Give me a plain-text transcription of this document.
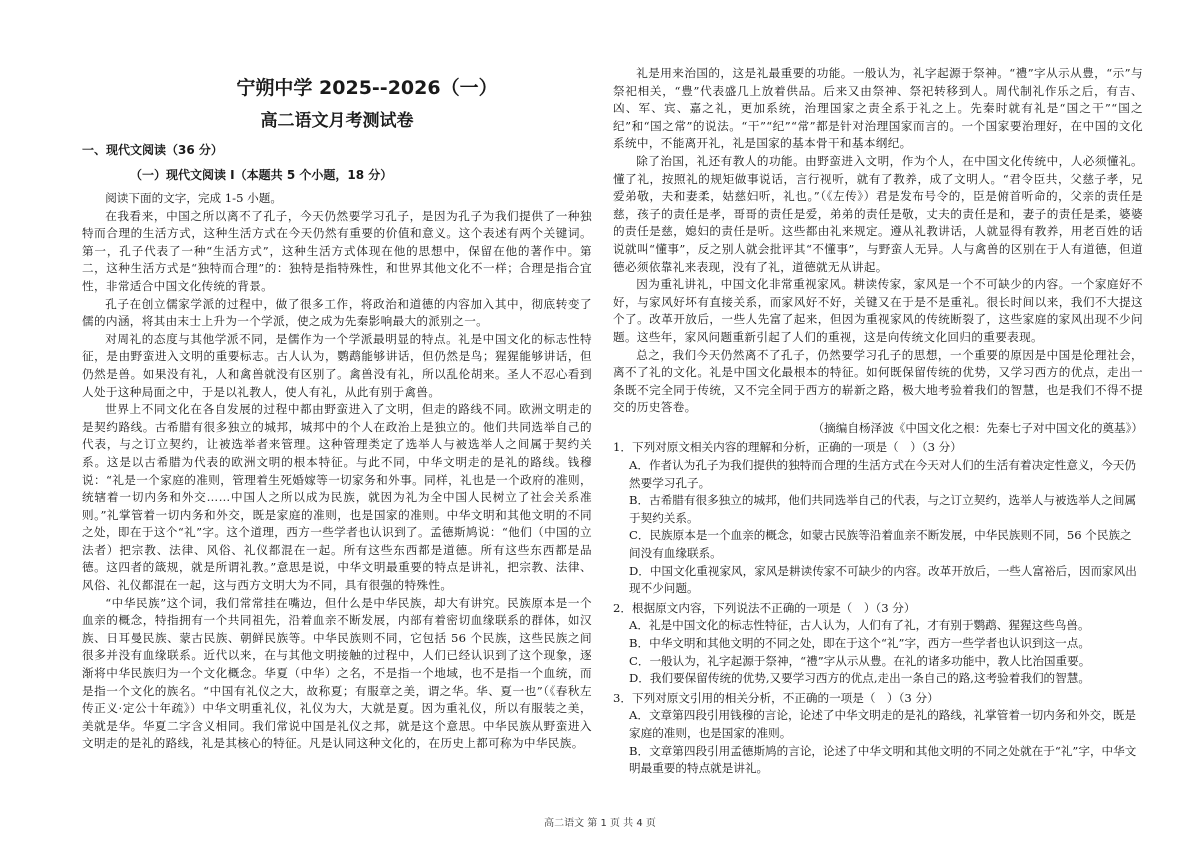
宁朔中学 2025--2026（一）
高二语文月考测试卷
一、现代文阅读（36 分）
（一）现代文阅读 I（本题共 5 个小题，18 分）
阅读下面的文字，完成 1-5 小题。

在我看来，中国之所以离不了孔子，今天仍然要学习孔子，是因为孔子为我们提供了一种独特而合理的生活方式，这种生活方式在今天仍然有重要的价值和意义。这个表述有两个关键词。第一，孔子代表了一种“生活方式”，这种生活方式体现在他的思想中，保留在他的著作中。第二，这种生活方式是“独特而合理”的：独特是指特殊性，和世界其他文化不一样；合理是指合宜性，非常适合中国文化传统的背景。

孔子在创立儒家学派的过程中，做了很多工作，将政治和道德的内容加入其中，彻底转变了儒的内涵，将其由末士上升为一个学派，使之成为先秦影响最大的派别之一。

对周礼的态度与其他学派不同，是儒作为一个学派最明显的特点。礼是中国文化的标志性特征，是由野蛮进入文明的重要标志。古人认为，鹦鹉能够讲话，但仍然是鸟；猩猩能够讲话，但仍然是兽。如果没有礼，人和禽兽就没有区别了。禽兽没有礼，所以乱伦胡来。圣人不忍心看到人处于这种局面之中，于是以礼教人，使人有礼，从此有别于禽兽。

世界上不同文化在各自发展的过程中都由野蛮进入了文明，但走的路线不同。欧洲文明走的是契约路线。古希腊有很多独立的城邦，城邦中的个人在政治上是独立的。他们共同选举自己的代表，与之订立契约，让被选举者来管理。这种管理类定了选举人与被选举人之间属于契约关系。这是以古希腊为代表的欧洲文明的根本特征。与此不同，中华文明走的是礼的路线。钱穆说：“礼是一个家庭的准则，管理着生死婚嫁等一切家务和外事。同样，礼也是一个政府的准则，统辖着一切内务和外交……中国人之所以成为民族，就因为礼为全中国人民树立了社会关系准则。”礼掌管着一切内务和外交，既是家庭的准则，也是国家的准则。中华文明和其他文明的不同之处，即在于这个“礼”字。这个道理，西方一些学者也认识到了。孟德斯鸠说：“他们（中国的立法者）把宗教、法律、风俗、礼仪都混在一起。所有这些东西都是道德。所有这些东西都是品德。这四者的箴规，就是所谓礼教。”意思是说，中华文明最重要的特点是讲礼，把宗教、法律、风俗、礼仪都混在一起，这与西方文明大为不同，具有很强的特殊性。

“中华民族”这个词，我们常常挂在嘴边，但什么是中华民族，却大有讲究。民族原本是一个血亲的概念，特指拥有一个共同祖先，沿着血亲不断发展，内部有着密切血缘联系的群体，如汉族、日耳曼民族、蒙古民族、朝鲜民族等。中华民族则不同，它包括 56 个民族，这些民族之间很多并没有血缘联系。近代以来，在与其他文明接触的过程中，人们已经认识到了这个现象，逐渐将中华民族归为一个文化概念。华夏（中华）之名，不是指一个地域，也不是指一个血统，而是指一个文化的族名。“中国有礼仪之大，故称夏；有服章之美，谓之华。华、夏一也”（《春秋左传正义·定公十年疏》）中华文明重礼仪，礼仪为大，大就是夏。因为重礼仪，所以有服装之美，美就是华。华夏二字含义相同。我们常说中国是礼仪之邦，就是这个意思。中华民族从野蛮进入文明走的是礼的路线，礼是其核心的特征。凡是认同这种文化的，在历史上都可称为中华民族。

礼是用来治国的，这是礼最重要的功能。一般认为，礼字起源于祭神。“禮”字从示从豊，“示”与祭祀相关，“豊”代表盛几上放着供品。后来又由祭神、祭祀转移到人。周代制礼作乐之后，有吉、凶、军、宾、嘉之礼，更加系统，治理国家之责全系于礼之上。先秦时就有礼是“国之干”“国之纪”和“国之常”的说法。“干”“纪”“常”都是针对治理国家而言的。一个国家要治理好，在中国的文化系统中，不能离开礼，礼是国家的基本骨干和基本纲纪。

除了治国，礼还有教人的功能。由野蛮进入文明，作为个人，在中国文化传统中，人必须懂礼。懂了礼，按照礼的规矩做事说话，言行视听，就有了教养，成了文明人。“君令臣共，父慈子孝，兄爱弟敬，夫和妻柔，姑慈妇听，礼也。”（《左传》）君是发布号令的，臣是俯首听命的，父亲的责任是慈，孩子的责任是孝，哥哥的责任是爱，弟弟的责任是敬，丈夫的责任是和，妻子的责任是柔，婆婆的责任是慈，媳妇的责任是听。这些都由礼来规定。遵从礼教讲话，人就显得有教养，用老百姓的话说就叫“懂事”，反之别人就会批评其“不懂事”，与野蛮人无异。人与禽兽的区别在于人有道德，但道德必须依靠礼来表现，没有了礼，道德就无从讲起。

因为重礼讲礼，中国文化非常重视家风。耕读传家，家风是一个不可缺少的内容。一个家庭好不好，与家风好坏有直接关系，而家风好不好，关键又在于是不是重礼。很长时间以来，我们不大提这个了。改革开放后，一些人先富了起来，但因为重视家风的传统断裂了，这些家庭的家风出现不少问题。这些年，家风问题重新引起了人们的重视，这是向传统文化回归的重要表现。

总之，我们今天仍然离不了孔子，仍然要学习孔子的思想，一个重要的原因是中国是伦理社会，离不了礼的文化。礼是中国文化最根本的特征。如何既保留传统的优势，又学习西方的优点，走出一条既不完全同于传统，又不完全同于西方的崭新之路，极大地考验着我们的智慧，也是我们不得不提交的历史答卷。

（摘编自杨泽波《中国文化之根：先秦七子对中国文化的奠基》）

1．下列对原文相关内容的理解和分析，正确的一项是（　）（3 分）

A．作者认为孔子为我们提供的独特而合理的生活方式在今天对人们的生活有着决定性意义，今天仍然要学习孔子。

B．古希腊有很多独立的城邦，他们共同选举自己的代表，与之订立契约，选举人与被选举人之间属于契约关系。

C．民族原本是一个血亲的概念，如蒙古民族等沿着血亲不断发展，中华民族则不同，56 个民族之间没有血缘联系。

D．中国文化重视家风，家风是耕读传家不可缺少的内容。改革开放后，一些人富裕后，因而家风出现不少问题。

2．根据原文内容，下列说法不正确的一项是（　）（3 分）

A．礼是中国文化的标志性特征，古人认为，人们有了礼，才有别于鹦鹉、猩猩这些鸟兽。

B．中华文明和其他文明的不同之处，即在于这个“礼”字，西方一些学者也认识到这一点。

C．一般认为，礼字起源于祭神，“禮”字从示从豊。在礼的诸多功能中，教人比治国重要。

D．我们要保留传统的优势,又要学习西方的优点,走出一条自己的路,这考验着我们的智慧。

3．下列对原文引用的相关分析，不正确的一项是（　）（3 分）

A．文章第四段引用钱穆的言论，论述了中华文明走的是礼的路线，礼掌管着一切内务和外交，既是家庭的准则，也是国家的准则。

B．文章第四段引用孟德斯鸠的言论，论述了中华文明和其他文明的不同之处就在于“礼”字，中华文明最重要的特点就是讲礼。

高二语文 第 1 页 共 4 页
